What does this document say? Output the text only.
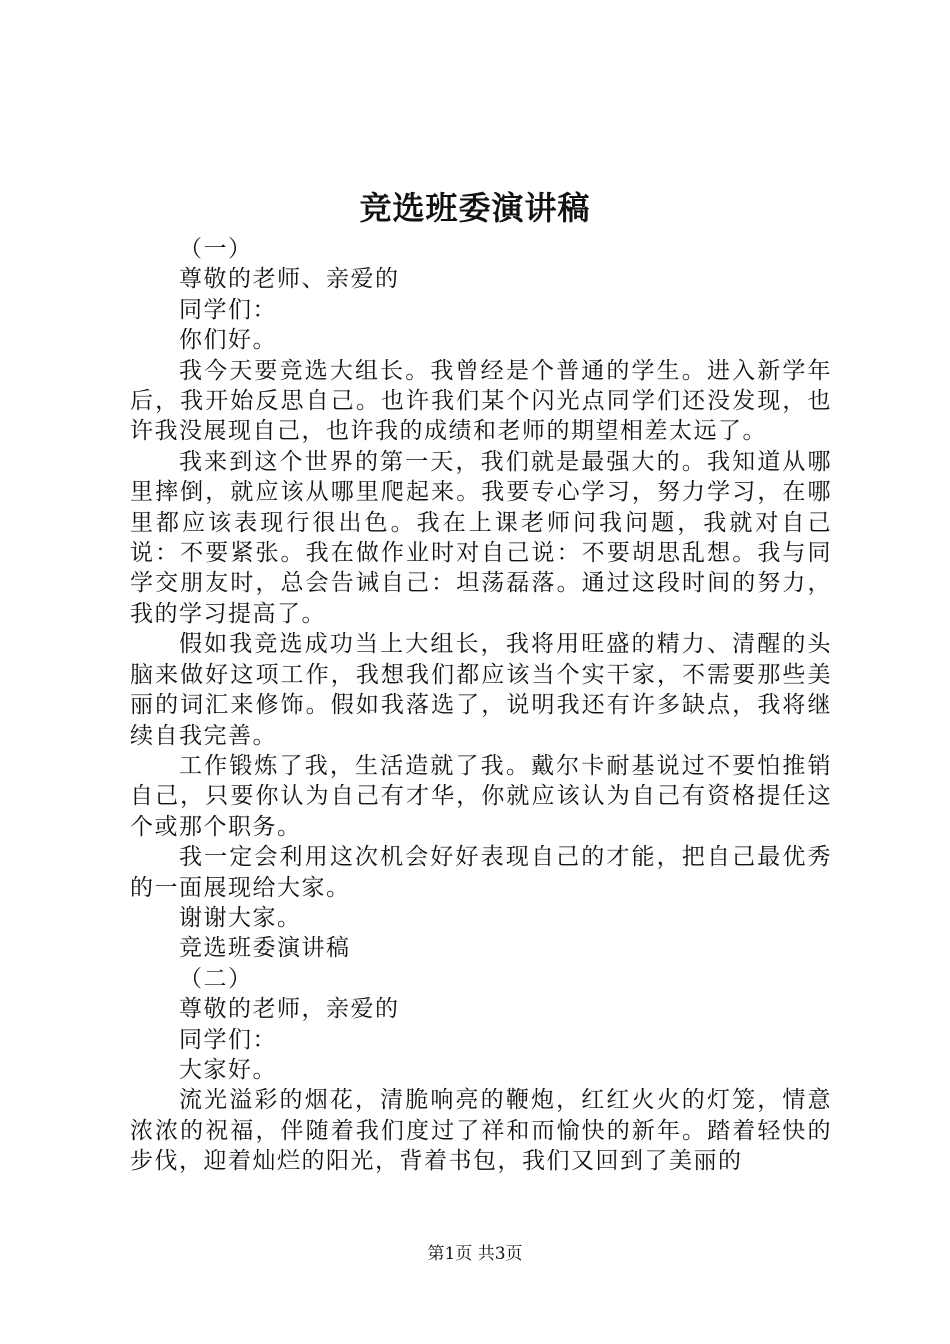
竞选班委演讲稿

（一）

尊敬的老师、亲爱的

同学们：

你们好。

我今天要竞选大组长。我曾经是个普通的学生。进入新学年后，我开始反思自己。也许我们某个闪光点同学们还没发现，也许我没展现自己，也许我的成绩和老师的期望相差太远了。

我来到这个世界的第一天，我们就是最强大的。我知道从哪里摔倒，就应该从哪里爬起来。我要专心学习，努力学习，在哪里都应该表现行很出色。我在上课老师问我问题，我就对自己说：不要紧张。我在做作业时对自己说：不要胡思乱想。我与同学交朋友时，总会告诫自己：坦荡磊落。通过这段时间的努力，我的学习提高了。

假如我竞选成功当上大组长，我将用旺盛的精力、清醒的头脑来做好这项工作，我想我们都应该当个实干家，不需要那些美丽的词汇来修饰。假如我落选了，说明我还有许多缺点，我将继续自我完善。

工作锻炼了我，生活造就了我。戴尔卡耐基说过不要怕推销自己，只要你认为自己有才华，你就应该认为自己有资格提任这个或那个职务。

我一定会利用这次机会好好表现自己的才能，把自己最优秀的一面展现给大家。

谢谢大家。

竞选班委演讲稿

（二）

尊敬的老师，亲爱的

同学们：

大家好。

流光溢彩的烟花，清脆响亮的鞭炮，红红火火的灯笼，情意浓浓的祝福，伴随着我们度过了祥和而愉快的新年。踏着轻快的步伐，迎着灿烂的阳光，背着书包，我们又回到了美丽的

第1页 共3页
